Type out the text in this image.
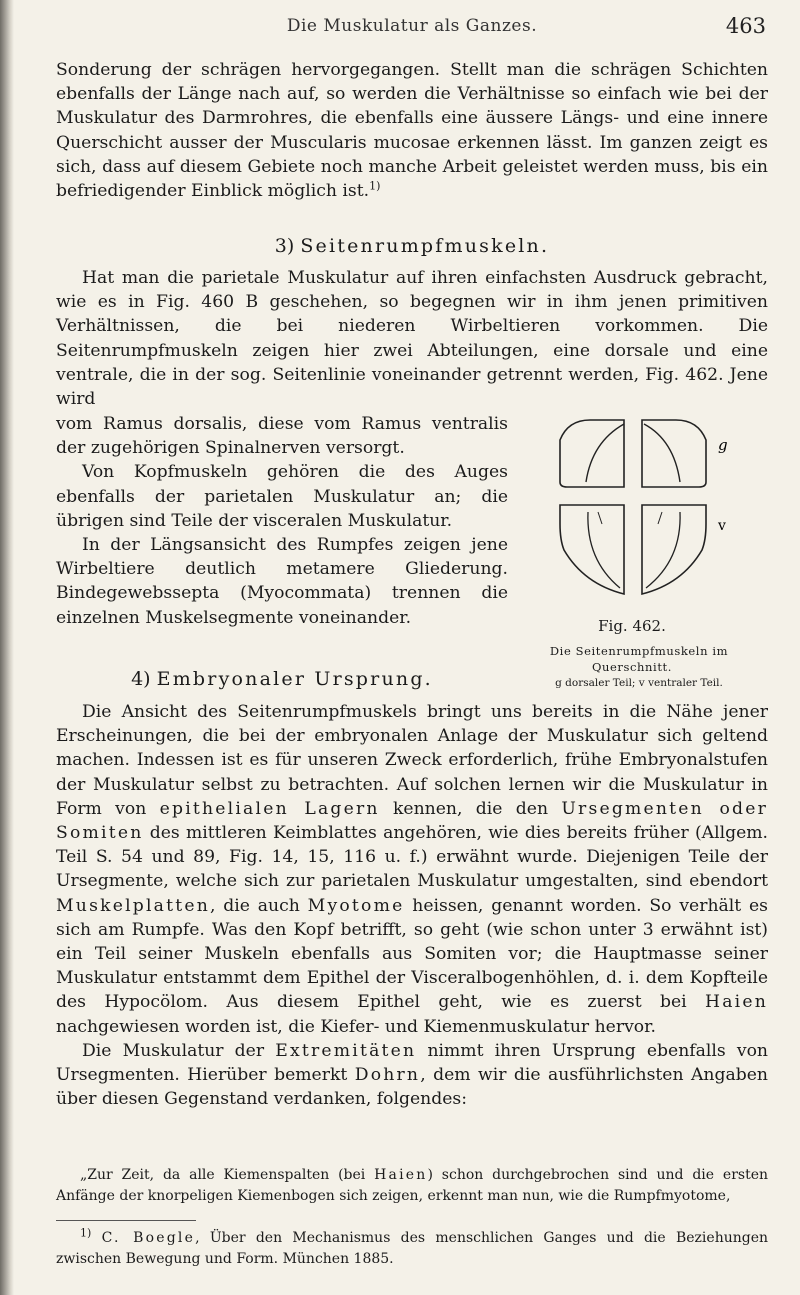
Die Muskulatur als Ganzes.	463

Sonderung der schrägen hervorgegangen. Stellt man die schrägen Schichten ebenfalls der Länge nach auf, so werden die Verhältnisse so einfach wie bei der Muskulatur des Darmrohres, die ebenfalls eine äussere Längs- und eine innere Querschicht ausser der Muscularis mucosae erkennen lässt. Im ganzen zeigt es sich, dass auf diesem Gebiete noch manche Arbeit geleistet werden muss, bis ein befriedigender Einblick möglich ist.$^{1)}$

3) Seitenrumpfmuskeln.

Hat man die parietale Muskulatur auf ihren einfachsten Ausdruck gebracht, wie es in Fig. 460 B geschehen, so begegnen wir in ihm jenen primitiven Verhältnissen, die bei niederen Wirbeltieren vorkommen. Die Seitenrumpfmuskeln zeigen hier zwei Abteilungen, eine dorsale und eine ventrale, die in der sog. Seitenlinie voneinander getrennt werden, Fig. 462. Jene wird

vom Ramus dorsalis, diese vom Ramus ventralis der zugehörigen Spinalnerven versorgt.

Von Kopfmuskeln gehören die des Auges ebenfalls der parietalen Muskulatur an; die übrigen sind Teile der visceralen Muskulatur.

In der Längsansicht des Rumpfes zeigen jene Wirbeltiere deutlich metamere Gliederung. Bindegewebssepta (Myocommata) trennen die einzelnen Muskelsegmente voneinander.

g
v
Fig. 462.
Die Seitenrumpfmuskeln im
Querschnitt.
g dorsaler Teil; v ventraler Teil.

4) Embryonaler Ursprung.

Die Ansicht des Seitenrumpfmuskels bringt uns bereits in die Nähe jener Erscheinungen, die bei der embryonalen Anlage der Muskulatur sich geltend machen. Indessen ist es für unseren Zweck erforderlich, frühe Embryonalstufen der Muskulatur selbst zu betrachten. Auf solchen lernen wir die Muskulatur in Form von epithelialen Lagern kennen, die den Ursegmenten oder Somiten des mittleren Keimblattes angehören, wie dies bereits früher (Allgem. Teil S. 54 und 89, Fig. 14, 15, 116 u. f.) erwähnt wurde. Diejenigen Teile der Ursegmente, welche sich zur parietalen Muskulatur umgestalten, sind ebendort Muskelplatten, die auch Myotome heissen, genannt worden. So verhält es sich am Rumpfe. Was den Kopf betrifft, so geht (wie schon unter 3 erwähnt ist) ein Teil seiner Muskeln ebenfalls aus Somiten vor; die Hauptmasse seiner Muskulatur entstammt dem Epithel der Visceralbogenhöhlen, d. i. dem Kopfteile des Hypocölom. Aus diesem Epithel geht, wie es zuerst bei Haien nachgewiesen worden ist, die Kiefer- und Kiemenmuskulatur hervor.

Die Muskulatur der Extremitäten nimmt ihren Ursprung ebenfalls von Ursegmenten. Hierüber bemerkt Dohrn, dem wir die ausführlichsten Angaben über diesen Gegenstand verdanken, folgendes:

„Zur Zeit, da alle Kiemenspalten (bei Haien) schon durchgebrochen sind und die ersten Anfänge der knorpeligen Kiemenbogen sich zeigen, erkennt man nun, wie die Rumpfmyotome,

$^{1)}$ C. Boegle, Über den Mechanismus des menschlichen Ganges und die Beziehungen zwischen Bewegung und Form. München 1885.
